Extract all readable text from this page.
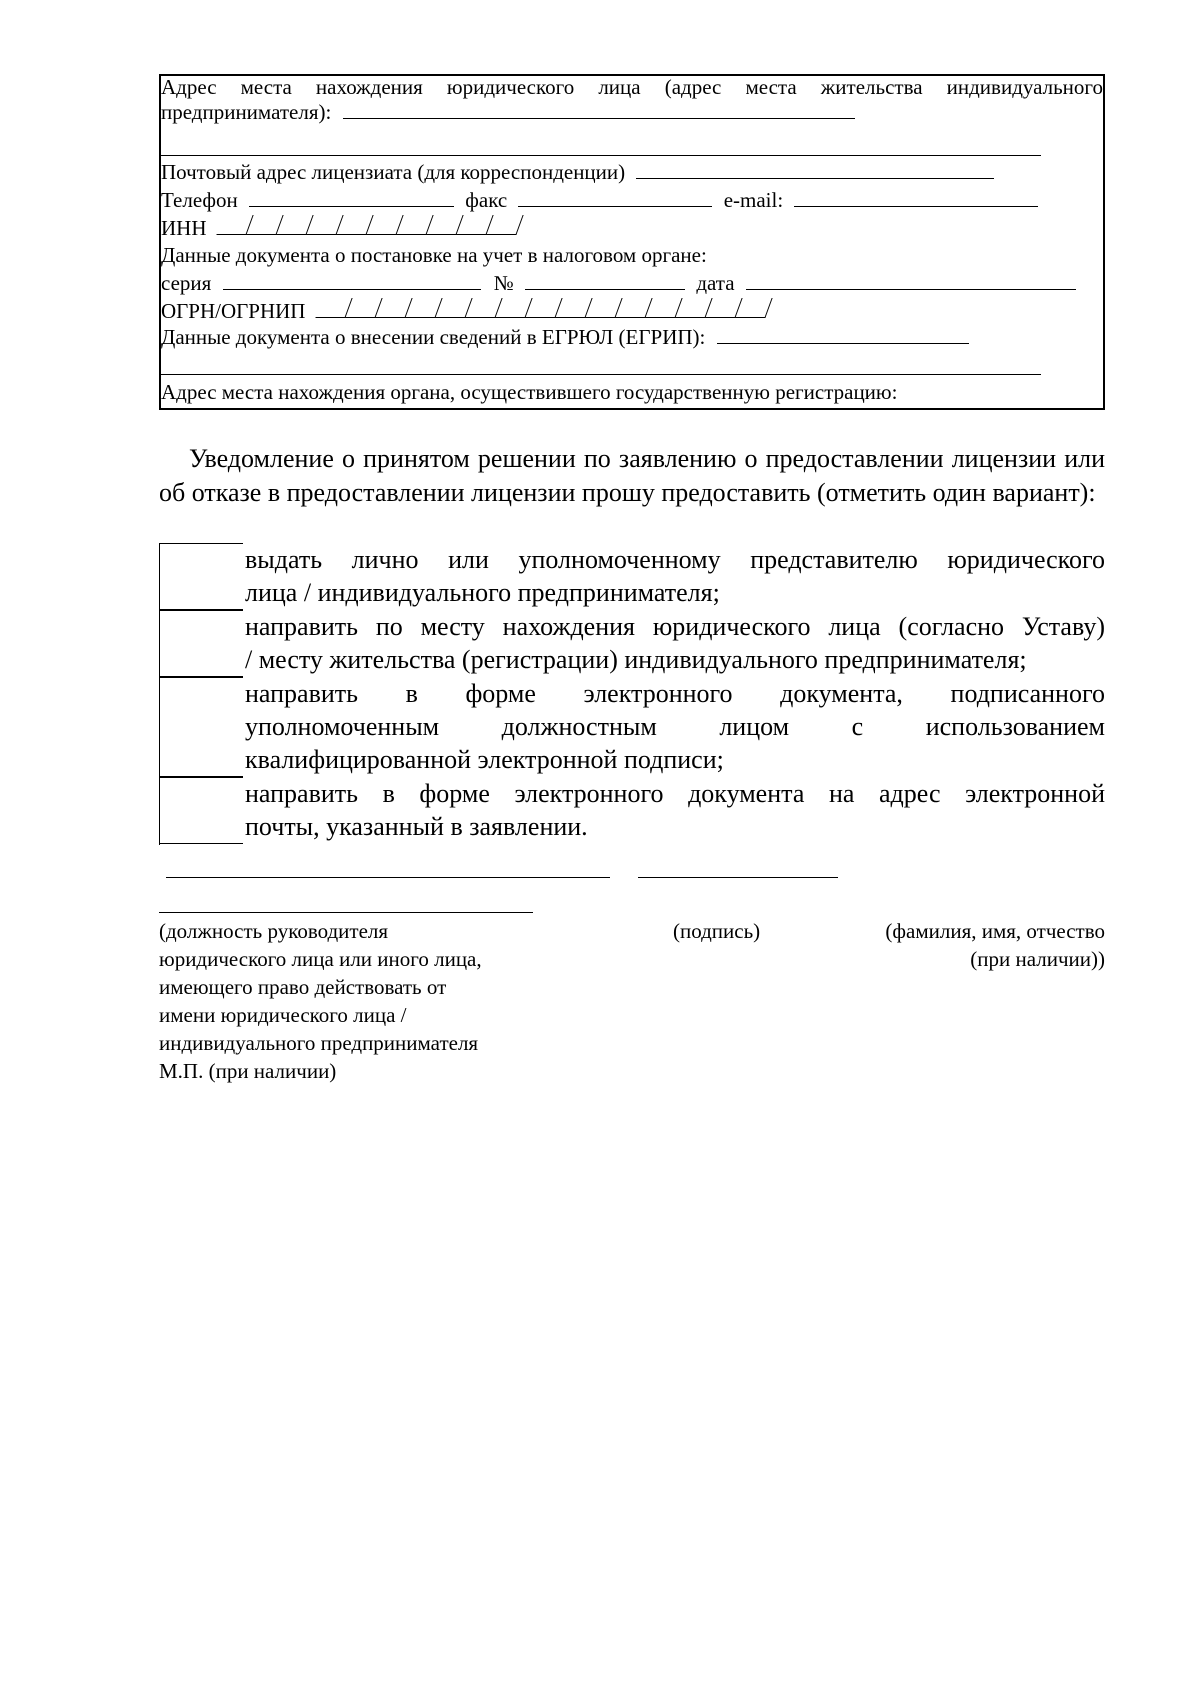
Адрес места нахождения юридического лица (адрес места жительства индивидуального
предпринимателя):
Почтовый адрес лицензиата (для корреспонденции)
Телефон	факс	e-mail:
ИНН
Данные документа о постановке на учет в налоговом органе:
серия	№	дата
ОГРН/ОГРНИП
Данные документа о внесении сведений в ЕГРЮЛ (ЕГРИП):
Адрес места нахождения органа, осуществившего государственную регистрацию:

Уведомление о принятом решении по заявлению о предоставлении лицензии или об отказе в предоставлении лицензии прошу предоставить (отметить один вариант):

выдать лично или уполномоченному представителю юридического
лица / индивидуального предпринимателя;
направить по месту нахождения юридического лица (согласно Уставу)
/ месту жительства (регистрации) индивидуального предпринимателя;
направить в форме электронного документа, подписанного
уполномоченным должностным лицом с использованием
квалифицированной электронной подписи;
направить в форме электронного документа на адрес электронной
почты, указанный в заявлении.
(должность руководителя
юридического лица или иного лица,
имеющего право действовать от
имени юридического лица /
индивидуального предпринимателя
М.П. (при наличии)
(подпись)	(фамилия, имя, отчество
(при наличии))
